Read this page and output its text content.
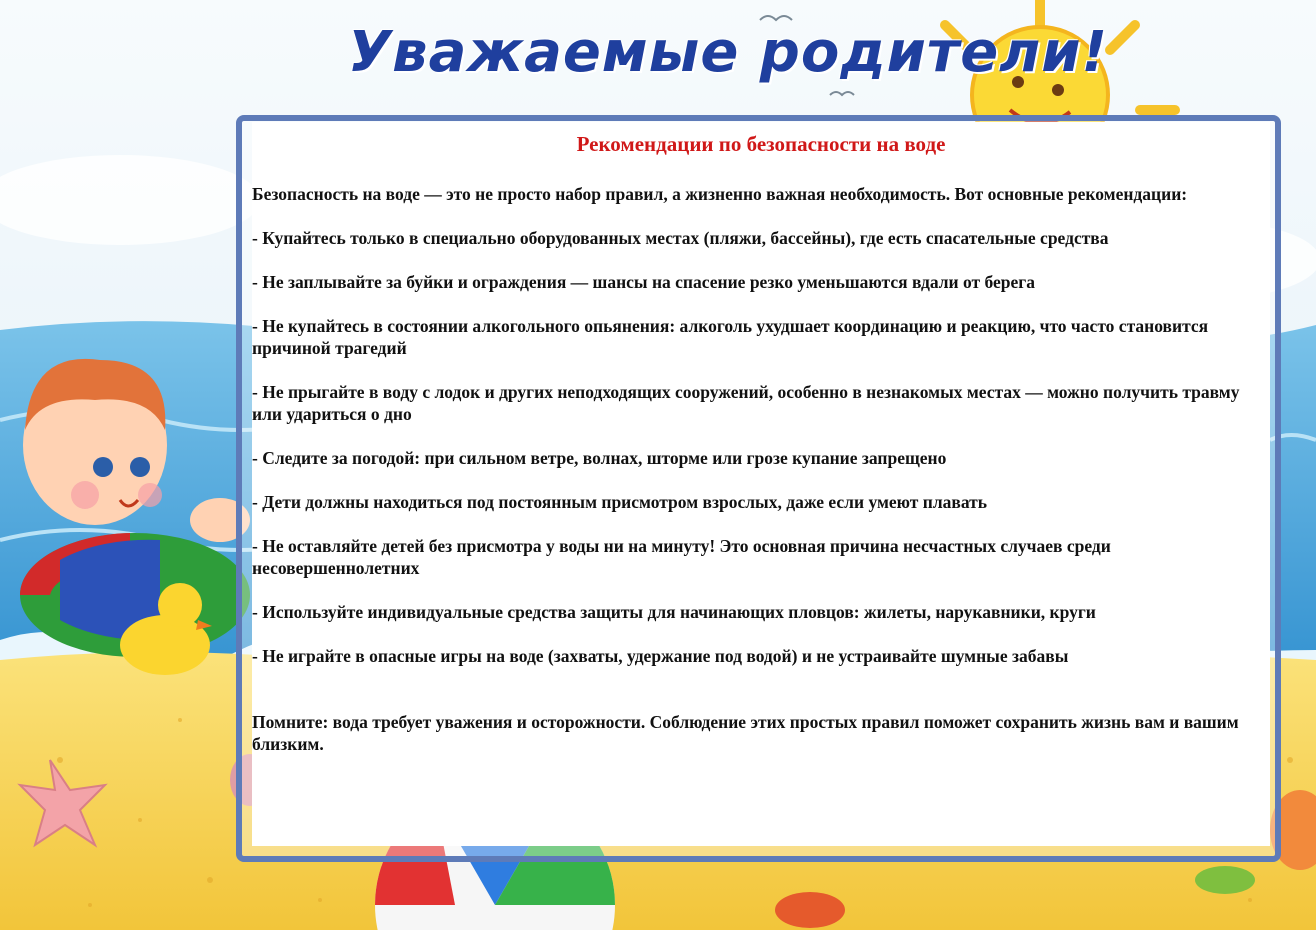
Уважаемые родители!
Рекомендации по безопасности на воде

Безопасность на воде — это не просто набор правил, а жизненно важная необходимость. Вот основные рекомендации:

- Купайтесь только в специально оборудованных местах (пляжи, бассейны), где есть спасательные средства

- Не заплывайте за буйки и ограждения — шансы на спасение резко уменьшаются вдали от берега

- Не купайтесь в состоянии алкогольного опьянения: алкоголь ухудшает координацию и реакцию, что часто становится причиной трагедий

- Не прыгайте в воду с лодок и других неподходящих сооружений, особенно в незнакомых местах — можно получить травму или удариться о дно

- Следите за погодой: при сильном ветре, волнах, шторме или грозе купание запрещено

- Дети должны находиться под постоянным присмотром взрослых, даже если умеют плавать

- Не оставляйте детей без присмотра у воды ни на минуту! Это основная причина несчастных случаев среди несовершеннолетних

- Используйте индивидуальные средства защиты для начинающих пловцов: жилеты, нарукавники, круги

- Не играйте в опасные игры на воде (захваты, удержание под водой) и не устраивайте шумные забавы

Помните: вода требует уважения и осторожности. Соблюдение этих простых правил поможет сохранить жизнь вам и вашим близким.
